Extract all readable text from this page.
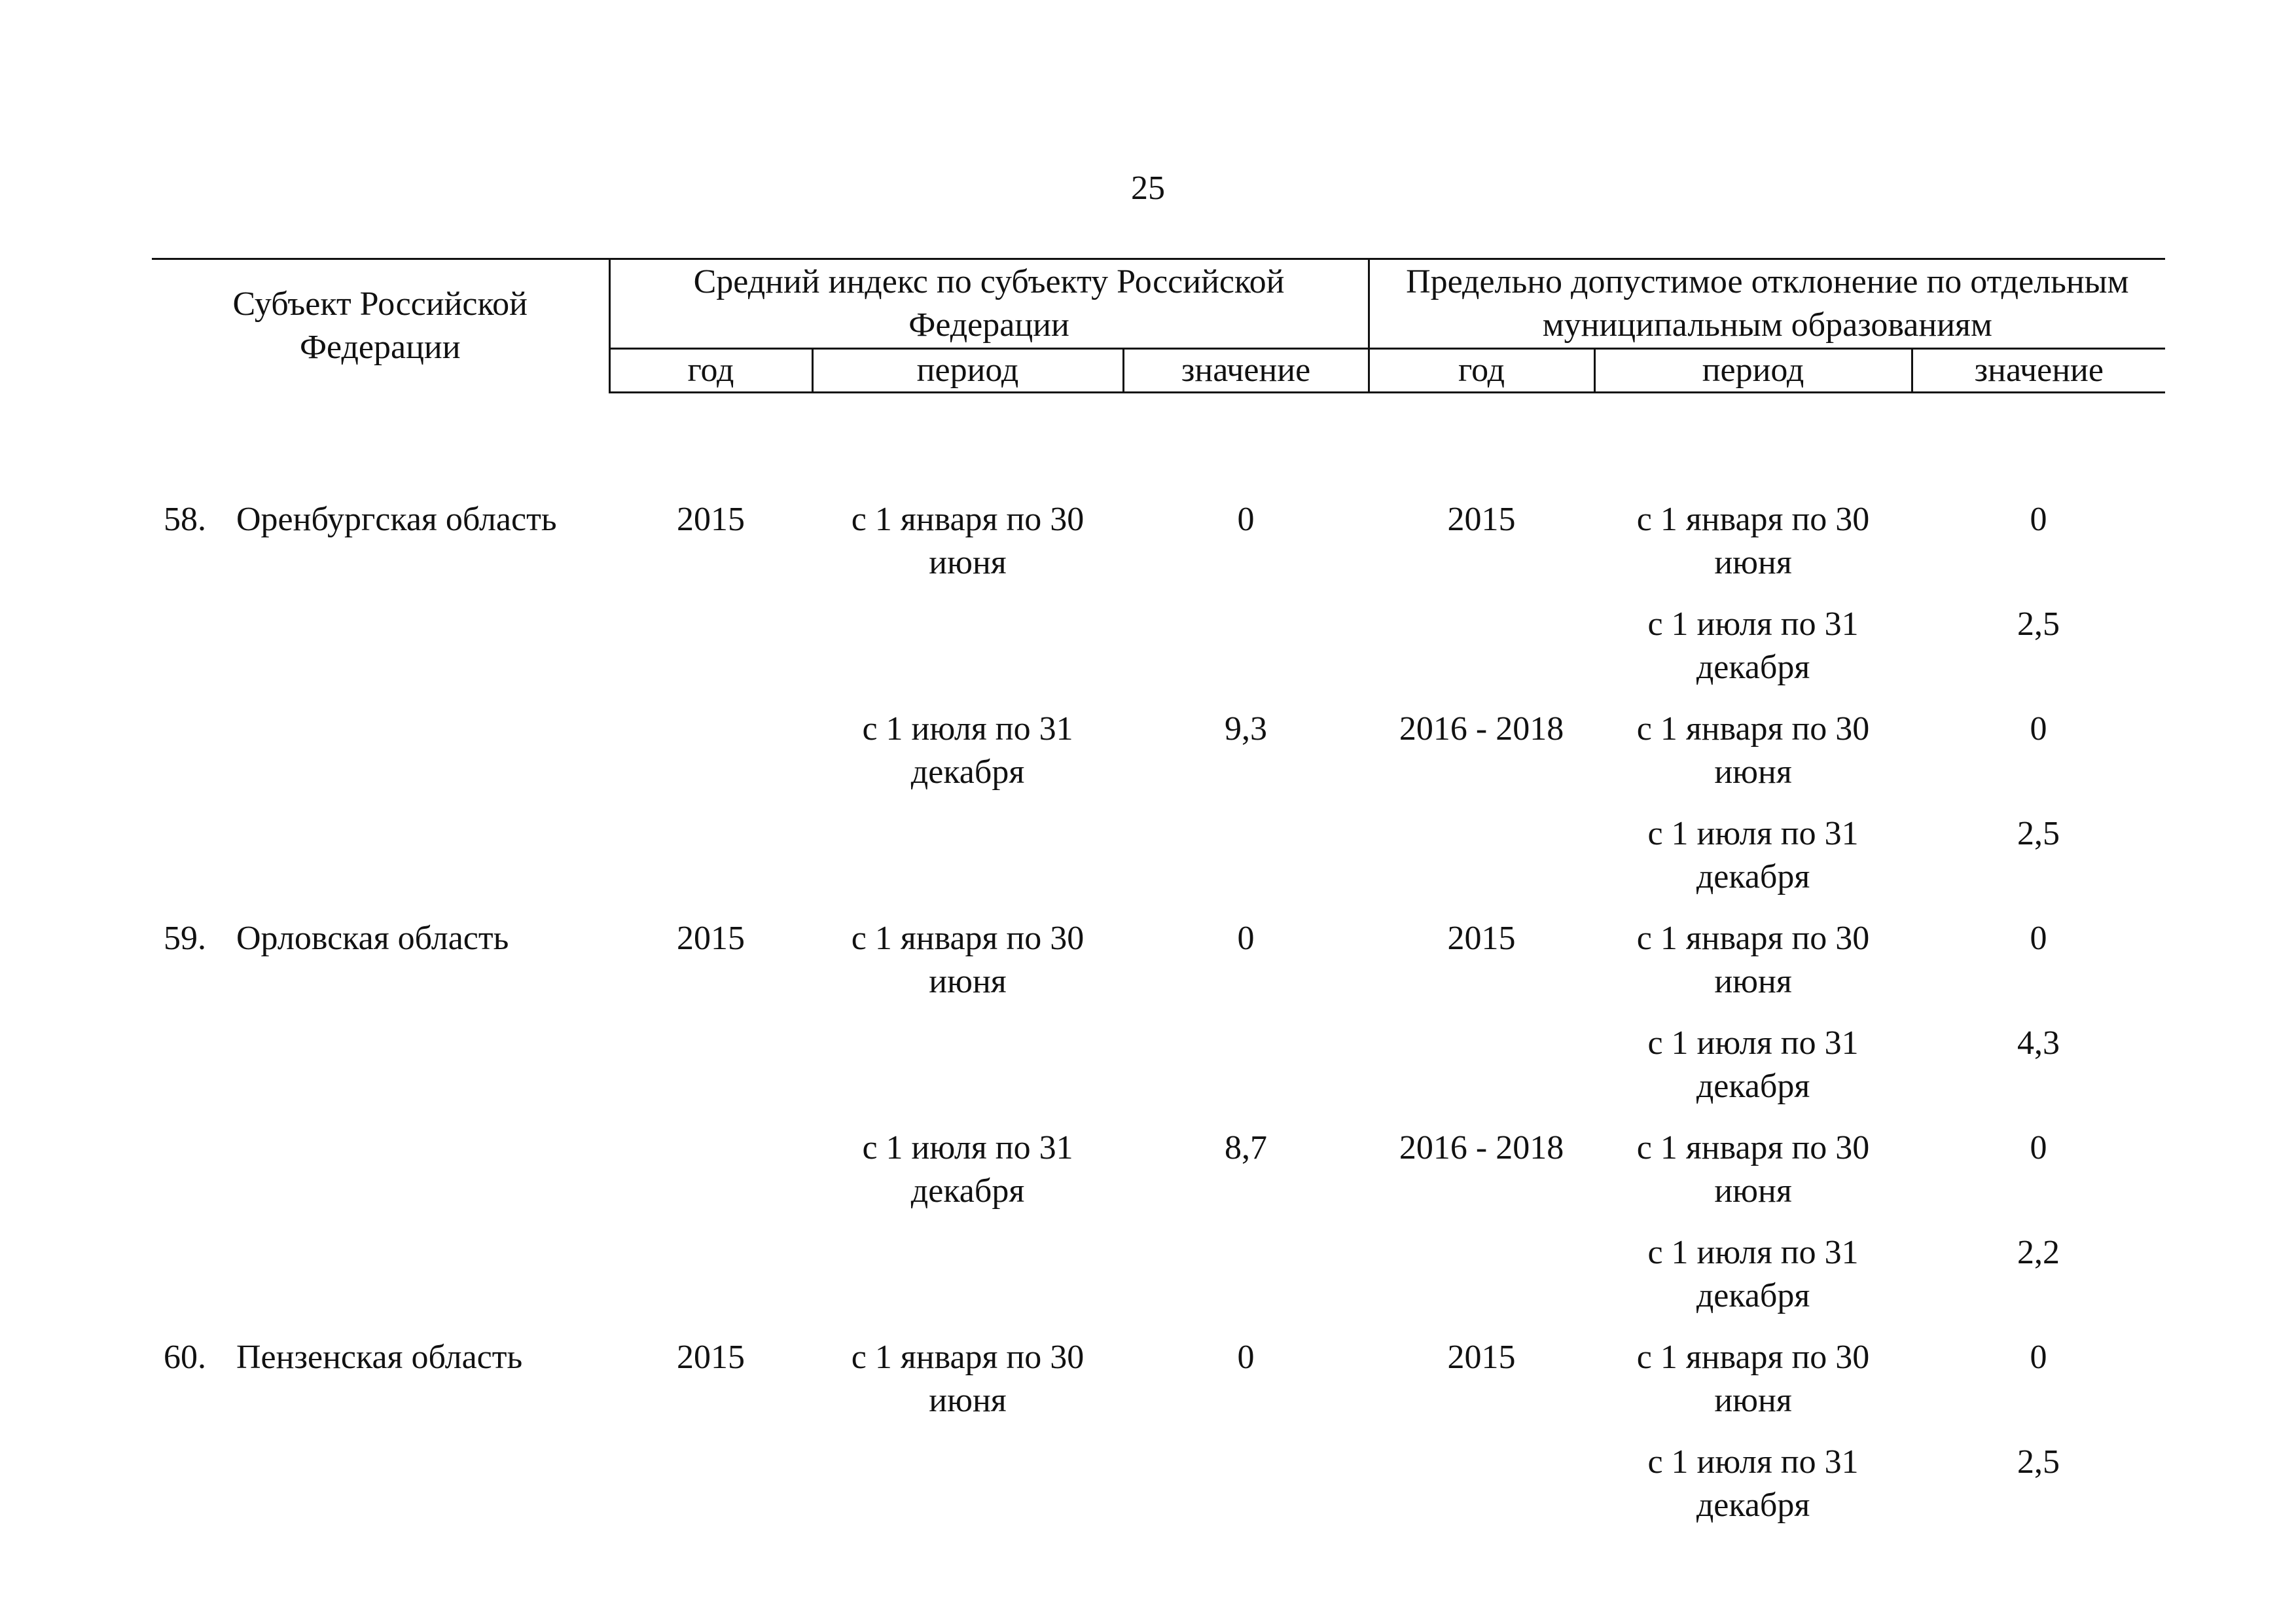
25
Субъект Российской Федерации		Средний индекс по субъекту Российской Федерации			Предельно допустимое отклонение по отдельным муниципальным образованиям		
		год	период	значение	год	период	значение

58.	Оренбургская область	2015	с 1 января по 30 июня	0	2015	с 1 января по 30 июня	0
						с 1 июля по 31 декабря	2,5
			с 1 июля по 31 декабря	9,3	2016 - 2018	с 1 января по 30 июня	0
						с 1 июля по 31 декабря	2,5
59.	Орловская область	2015	с 1 января по 30 июня	0	2015	с 1 января по 30 июня	0
						с 1 июля по 31 декабря	4,3
			с 1 июля по 31 декабря	8,7	2016 - 2018	с 1 января по 30 июня	0
						с 1 июля по 31 декабря	2,2
60.	Пензенская область	2015	с 1 января по 30 июня	0	2015	с 1 января по 30 июня	0
						с 1 июля по 31 декабря	2,5
